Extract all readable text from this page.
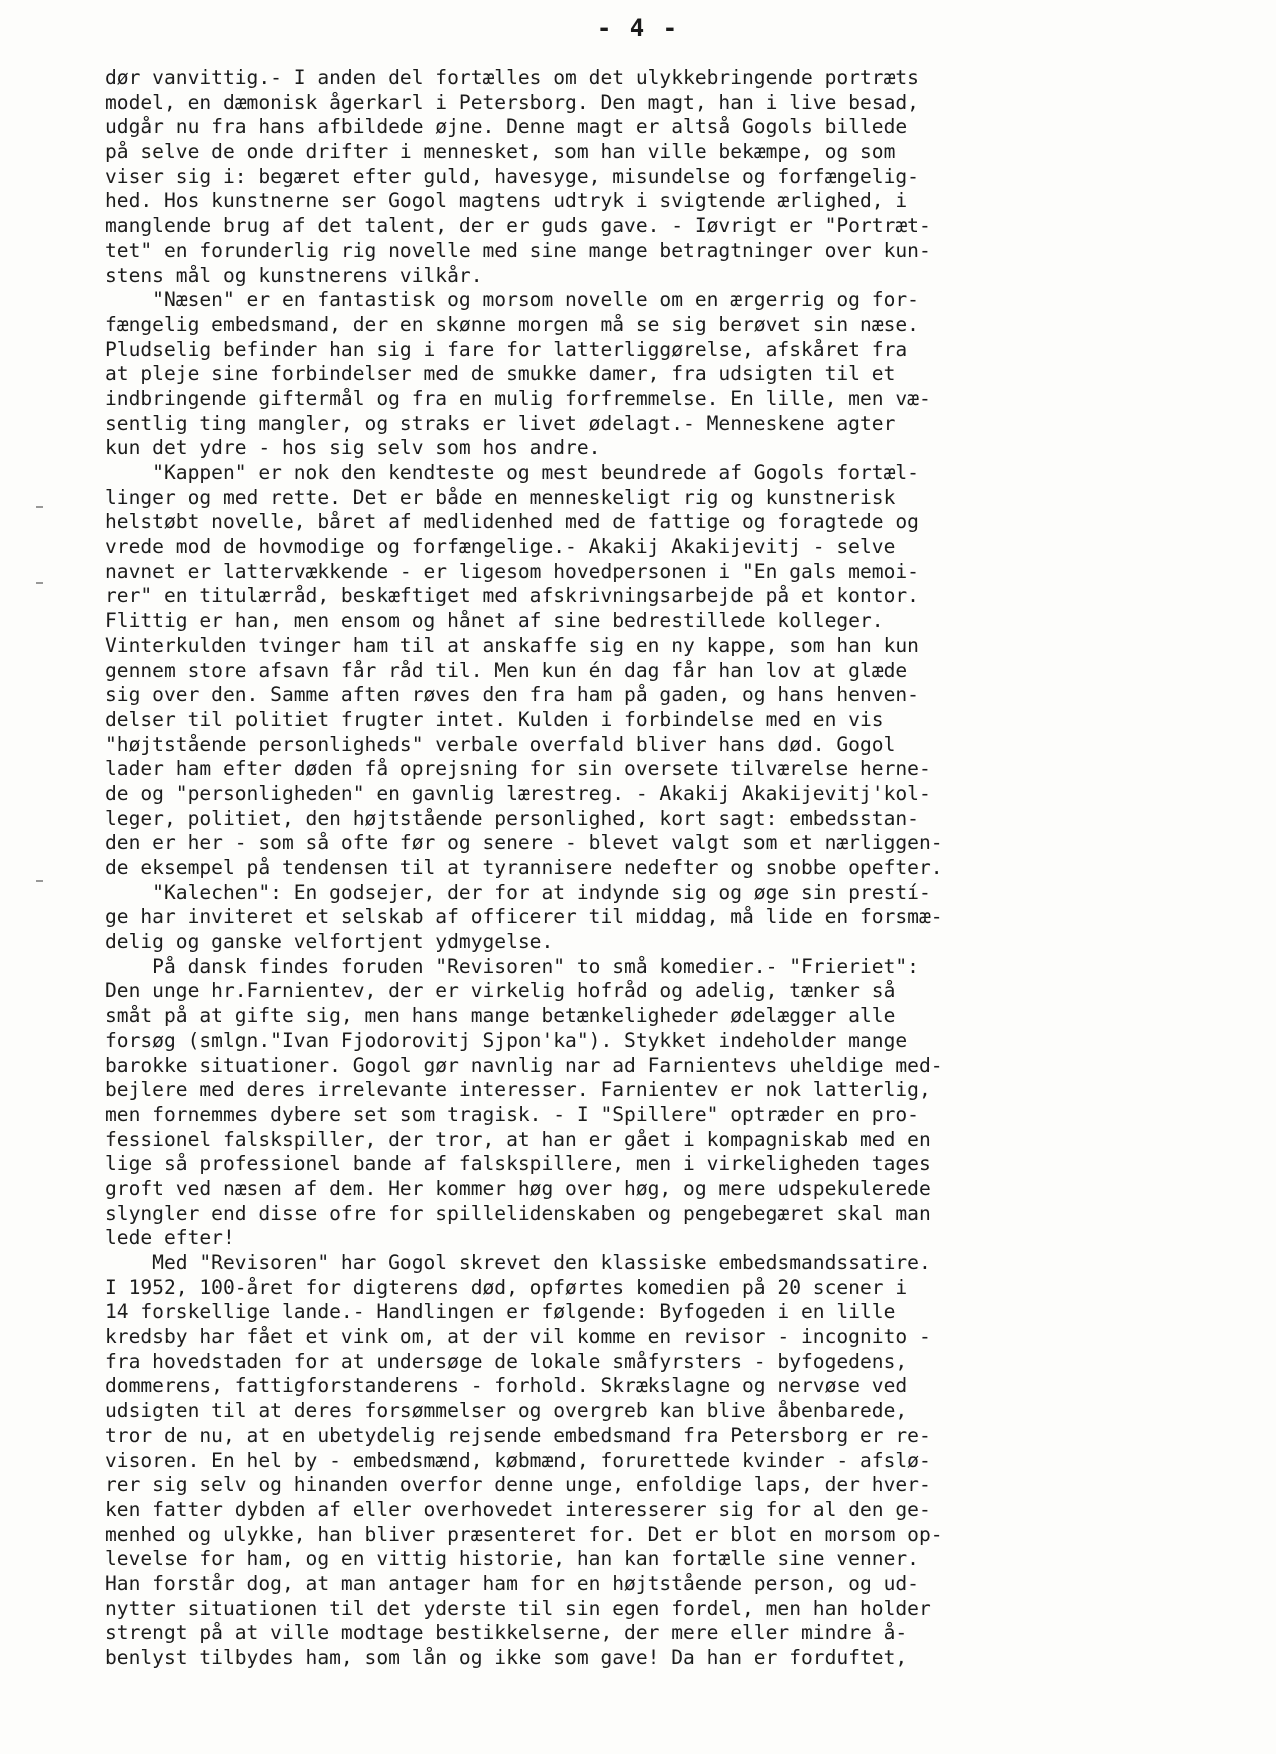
- 4 -
dør vanvittig.- I anden del fortælles om det ulykkebringende portræts
model, en dæmonisk ågerkarl i Petersborg. Den magt, han i live besad,
udgår nu fra hans afbildede øjne. Denne magt er altså Gogols billede
på selve de onde drifter i mennesket, som han ville bekæmpe, og som
viser sig i: begæret efter guld, havesyge, misundelse og forfængelig-
hed. Hos kunstnerne ser Gogol magtens udtryk i svigtende ærlighed, i
manglende brug af det talent, der er guds gave. - Iøvrigt er "Portræt-
tet" en forunderlig rig novelle med sine mange betragtninger over kun-
stens mål og kunstnerens vilkår.
"Næsen" er en fantastisk og morsom novelle om en ærgerrig og for-
fængelig embedsmand, der en skønne morgen må se sig berøvet sin næse.
Pludselig befinder han sig i fare for latterliggørelse, afskåret fra
at pleje sine forbindelser med de smukke damer, fra udsigten til et
indbringende giftermål og fra en mulig forfremmelse. En lille, men væ-
sentlig ting mangler, og straks er livet ødelagt.- Menneskene agter
kun det ydre - hos sig selv som hos andre.
"Kappen" er nok den kendteste og mest beundrede af Gogols fortæl-
linger og med rette. Det er både en menneskeligt rig og kunstnerisk
helstøbt novelle, båret af medlidenhed med de fattige og foragtede og
vrede mod de hovmodige og forfængelige.- Akakij Akakijevitj - selve
navnet er lattervækkende - er ligesom hovedpersonen i "En gals memoi-
rer" en titulærråd, beskæftiget med afskrivningsarbejde på et kontor.
Flittig er han, men ensom og hånet af sine bedrestillede kolleger.
Vinterkulden tvinger ham til at anskaffe sig en ny kappe, som han kun
gennem store afsavn får råd til. Men kun én dag får han lov at glæde
sig over den. Samme aften røves den fra ham på gaden, og hans henven-
delser til politiet frugter intet. Kulden i forbindelse med en vis
"højtstående personligheds" verbale overfald bliver hans død. Gogol
lader ham efter døden få oprejsning for sin oversete tilværelse herne-
de og "personligheden" en gavnlig lærestreg. - Akakij Akakijevitj'kol-
leger, politiet, den højtstående personlighed, kort sagt: embedsstan-
den er her - som så ofte før og senere - blevet valgt som et nærliggen-
de eksempel på tendensen til at tyrannisere nedefter og snobbe opefter.
"Kalechen": En godsejer, der for at indynde sig og øge sin prestí-
ge har inviteret et selskab af officerer til middag, må lide en forsmæ-
delig og ganske velfortjent ydmygelse.
På dansk findes foruden "Revisoren" to små komedier.- "Frieriet":
Den unge hr.Farnientev, der er virkelig hofråd og adelig, tænker så
småt på at gifte sig, men hans mange betænkeligheder ødelægger alle
forsøg (smlgn."Ivan Fjodorovitj Sjpon'ka"). Stykket indeholder mange
barokke situationer. Gogol gør navnlig nar ad Farnientevs uheldige med-
bejlere med deres irrelevante interesser. Farnientev er nok latterlig,
men fornemmes dybere set som tragisk. - I "Spillere" optræder en pro-
fessionel falskspiller, der tror, at han er gået i kompagniskab med en
lige så professionel bande af falskspillere, men i virkeligheden tages
groft ved næsen af dem. Her kommer høg over høg, og mere udspekulerede
slyngler end disse ofre for spillelidenskaben og pengebegæret skal man
lede efter!
Med "Revisoren" har Gogol skrevet den klassiske embedsmandssatire.
I 1952, 100-året for digterens død, opførtes komedien på 20 scener i
14 forskellige lande.- Handlingen er følgende: Byfogeden i en lille
kredsby har fået et vink om, at der vil komme en revisor - incognito -
fra hovedstaden for at undersøge de lokale småfyrsters - byfogedens,
dommerens, fattigforstanderens - forhold. Skrækslagne og nervøse ved
udsigten til at deres forsømmelser og overgreb kan blive åbenbarede,
tror de nu, at en ubetydelig rejsende embedsmand fra Petersborg er re-
visoren. En hel by - embedsmænd, købmænd, forurettede kvinder - afslø-
rer sig selv og hinanden overfor denne unge, enfoldige laps, der hver-
ken fatter dybden af eller overhovedet interesserer sig for al den ge-
menhed og ulykke, han bliver præsenteret for. Det er blot en morsom op-
levelse for ham, og en vittig historie, han kan fortælle sine venner.
Han forstår dog, at man antager ham for en højtstående person, og ud-
nytter situationen til det yderste til sin egen fordel, men han holder
strengt på at ville modtage bestikkelserne, der mere eller mindre å-
benlyst tilbydes ham, som lån og ikke som gave! Da han er forduftet,
